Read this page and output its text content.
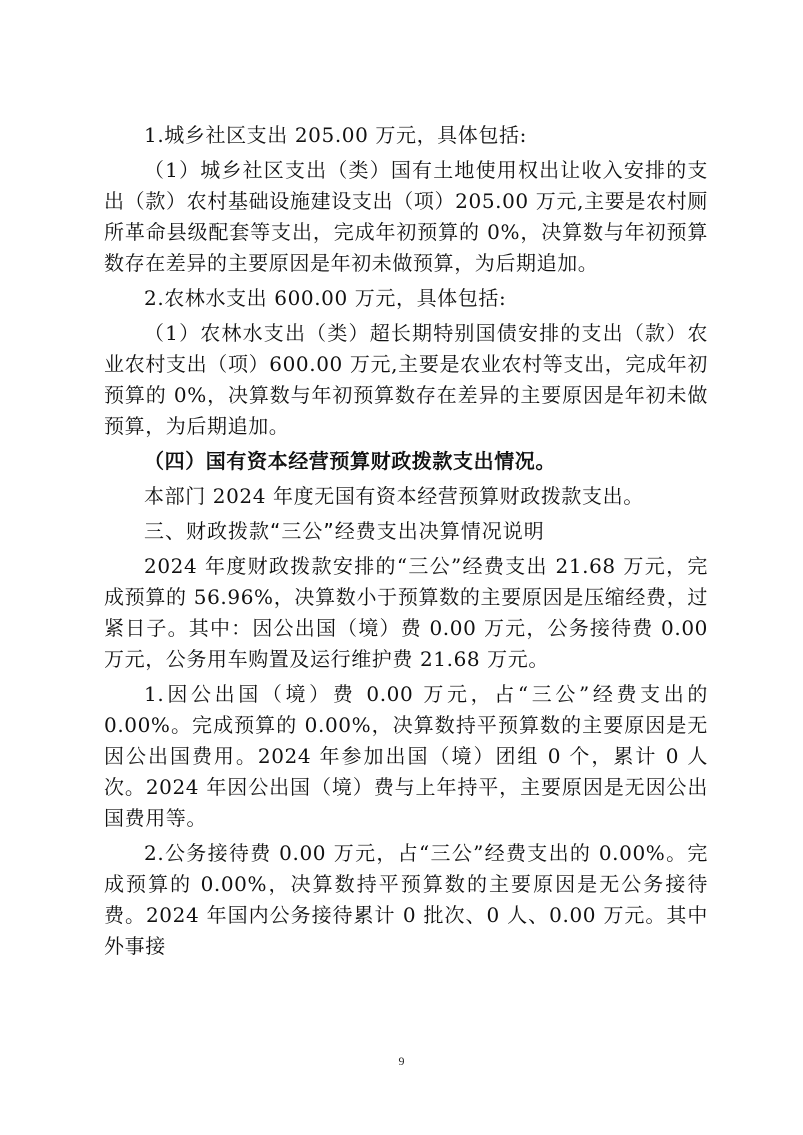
1.城乡社区支出 205.00 万元，具体包括:

（1）城乡社区支出（类）国有土地使用权出让收入安排的支出（款）农村基础设施建设支出（项）205.00 万元,主要是农村厕所革命县级配套等支出，完成年初预算的 0%，决算数与年初预算数存在差异的主要原因是年初未做预算，为后期追加。

2.农林水支出 600.00 万元，具体包括:

（1）农林水支出（类）超长期特别国债安排的支出（款）农业农村支出（项）600.00 万元,主要是农业农村等支出，完成年初预算的 0%，决算数与年初预算数存在差异的主要原因是年初未做预算，为后期追加。

（四）国有资本经营预算财政拨款支出情况。

本部门 2024 年度无国有资本经营预算财政拨款支出。

三、财政拨款“三公”经费支出决算情况说明

2024 年度财政拨款安排的“三公”经费支出 21.68 万元，完成预算的 56.96%，决算数小于预算数的主要原因是压缩经费，过紧日子。其中：因公出国（境）费 0.00 万元，公务接待费 0.00 万元，公务用车购置及运行维护费 21.68 万元。

1.因公出国（境）费 0.00 万元，占“三公”经费支出的 0.00%。完成预算的 0.00%，决算数持平预算数的主要原因是无因公出国费用。2024 年参加出国（境）团组 0 个，累计 0 人次。2024 年因公出国（境）费与上年持平，主要原因是无因公出国费用等。

2.公务接待费 0.00 万元，占“三公”经费支出的 0.00%。完成预算的 0.00%，决算数持平预算数的主要原因是无公务接待费。2024 年国内公务接待累计 0 批次、0 人、0.00 万元。其中外事接

9
